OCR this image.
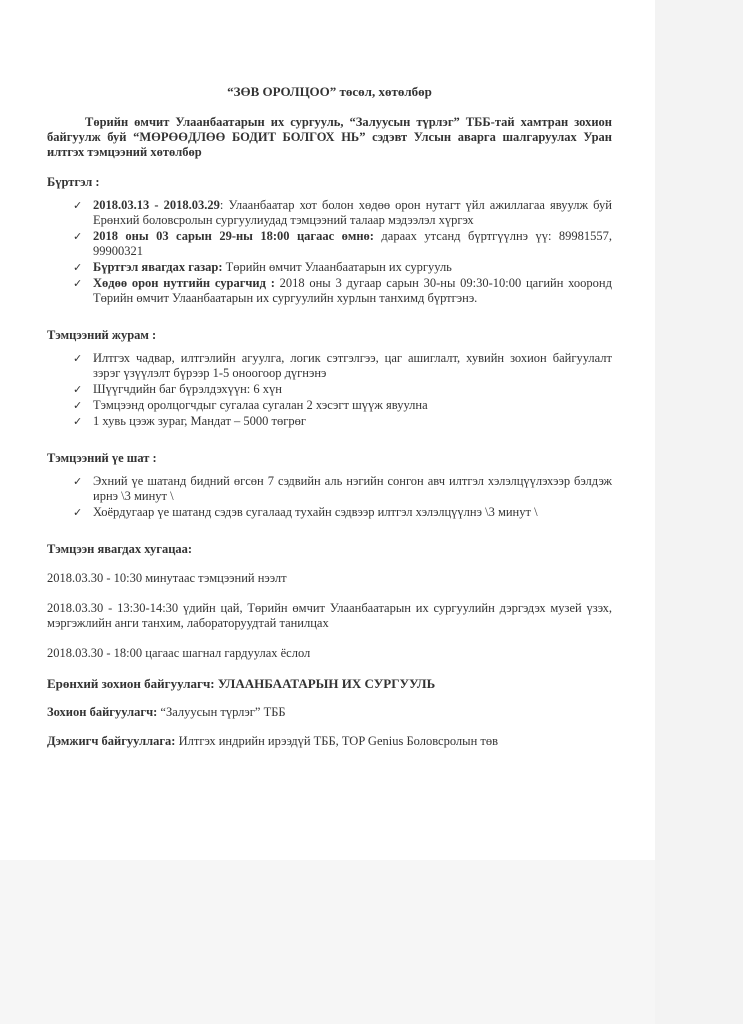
“ЗӨВ ОРОЛЦОО” төсөл, хөтөлбөр
Төрийн өмчит Улаанбаатарын их сургууль, “Залуусын түрлэг” ТББ-тай хамтран зохион байгуулж буй “МӨРӨӨДЛӨӨ БОДИТ БОЛГОХ НЬ” сэдэвт Улсын аварга шалгаруулах Уран илтгэх тэмцээний хөтөлбөр
Бүртгэл :
✓ 2018.03.13 - 2018.03.29: Улаанбаатар хот болон хөдөө орон нутагт үйл ажиллагаа явуулж буй Ерөнхий боловсролын сургуулиудад тэмцээний талаар мэдээлэл хүргэх
✓ 2018 оны 03 сарын 29-ны 18:00 цагаас өмнө: дараах утсанд бүртгүүлнэ үү: 89981557, 99900321
✓ Бүртгэл явагдах газар: Төрийн өмчит Улаанбаатарын их сургууль
✓ Хөдөө орон нутгийн сурагчид : 2018 оны 3 дугаар сарын 30-ны 09:30-10:00 цагийн хооронд Төрийн өмчит Улаанбаатарын их сургуулийн хурлын танхимд бүртгэнэ.
Тэмцээний журам :
✓ Илтгэх чадвар, илтгэлийн агуулга, логик сэтгэлгээ, цаг ашиглалт, хувийн зохион байгуулалт зэрэг үзүүлэлт бүрээр 1-5 оноогоор дүгнэнэ
✓ Шүүгчдийн баг бүрэлдэхүүн: 6 хүн
✓ Тэмцээнд оролцогчдыг сугалаа сугалан 2 хэсэгт шүүж явуулна
✓ 1 хувь цээж зураг, Мандат – 5000 төгрөг
Тэмцээний үе шат :
✓ Эхний үе шатанд бидний өгсөн 7 сэдвийн аль нэгийн сонгон авч илтгэл хэлэлцүүлэхээр бэлдэж ирнэ \3 минут \
✓ Хоёрдугаар үе шатанд сэдэв сугалаад тухайн сэдвээр илтгэл хэлэлцүүлнэ \3 минут \
Тэмцээн явагдах хугацаа:
2018.03.30 - 10:30 минутаас тэмцээний нээлт
2018.03.30 - 13:30-14:30 үдийн цай, Төрийн өмчит Улаанбаатарын их сургуулийн дэргэдэх музей үзэх, мэргэжлийн анги танхим, лабораторуудтай танилцах
2018.03.30 - 18:00 цагаас шагнал гардуулах ёслол
Ерөнхий зохион байгуулагч: УЛААНБААТАРЫН ИХ СУРГУУЛЬ
Зохион байгуулагч: “Залуусын түрлэг” ТББ
Дэмжигч байгууллага: Илтгэх индрийн ирээдүй ТББ, TOP Genius Боловсролын төв
